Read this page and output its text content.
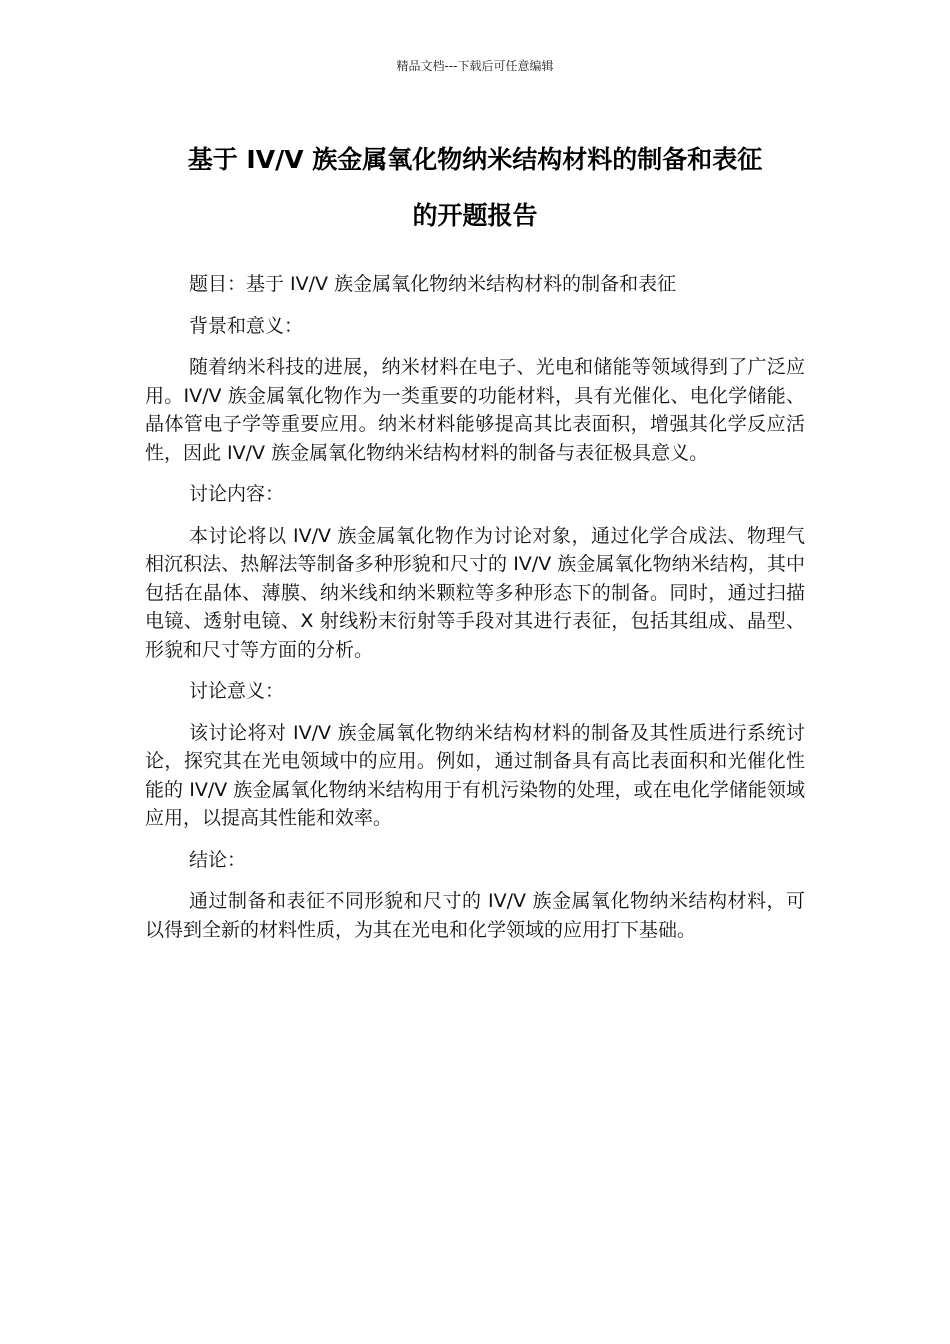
精品文档---下载后可任意编辑
基于 IV/V 族金属氧化物纳米结构材料的制备和表征
的开题报告

题目：基于 IV/V 族金属氧化物纳米结构材料的制备和表征

背景和意义：

随着纳米科技的进展，纳米材料在电子、光电和储能等领域得到了广泛应用。IV/V 族金属氧化物作为一类重要的功能材料，具有光催化、电化学储能、晶体管电子学等重要应用。纳米材料能够提高其比表面积，增强其化学反应活性，因此 IV/V 族金属氧化物纳米结构材料的制备与表征极具意义。

讨论内容：

本讨论将以 IV/V 族金属氧化物作为讨论对象，通过化学合成法、物理气相沉积法、热解法等制备多种形貌和尺寸的 IV/V 族金属氧化物纳米结构，其中包括在晶体、薄膜、纳米线和纳米颗粒等多种形态下的制备。同时，通过扫描电镜、透射电镜、X 射线粉末衍射等手段对其进行表征，包括其组成、晶型、形貌和尺寸等方面的分析。

讨论意义：

该讨论将对 IV/V 族金属氧化物纳米结构材料的制备及其性质进行系统讨论，探究其在光电领域中的应用。例如，通过制备具有高比表面积和光催化性能的 IV/V 族金属氧化物纳米结构用于有机污染物的处理，或在电化学储能领域应用，以提高其性能和效率。

结论：

通过制备和表征不同形貌和尺寸的 IV/V 族金属氧化物纳米结构材料，可以得到全新的材料性质，为其在光电和化学领域的应用打下基础。
